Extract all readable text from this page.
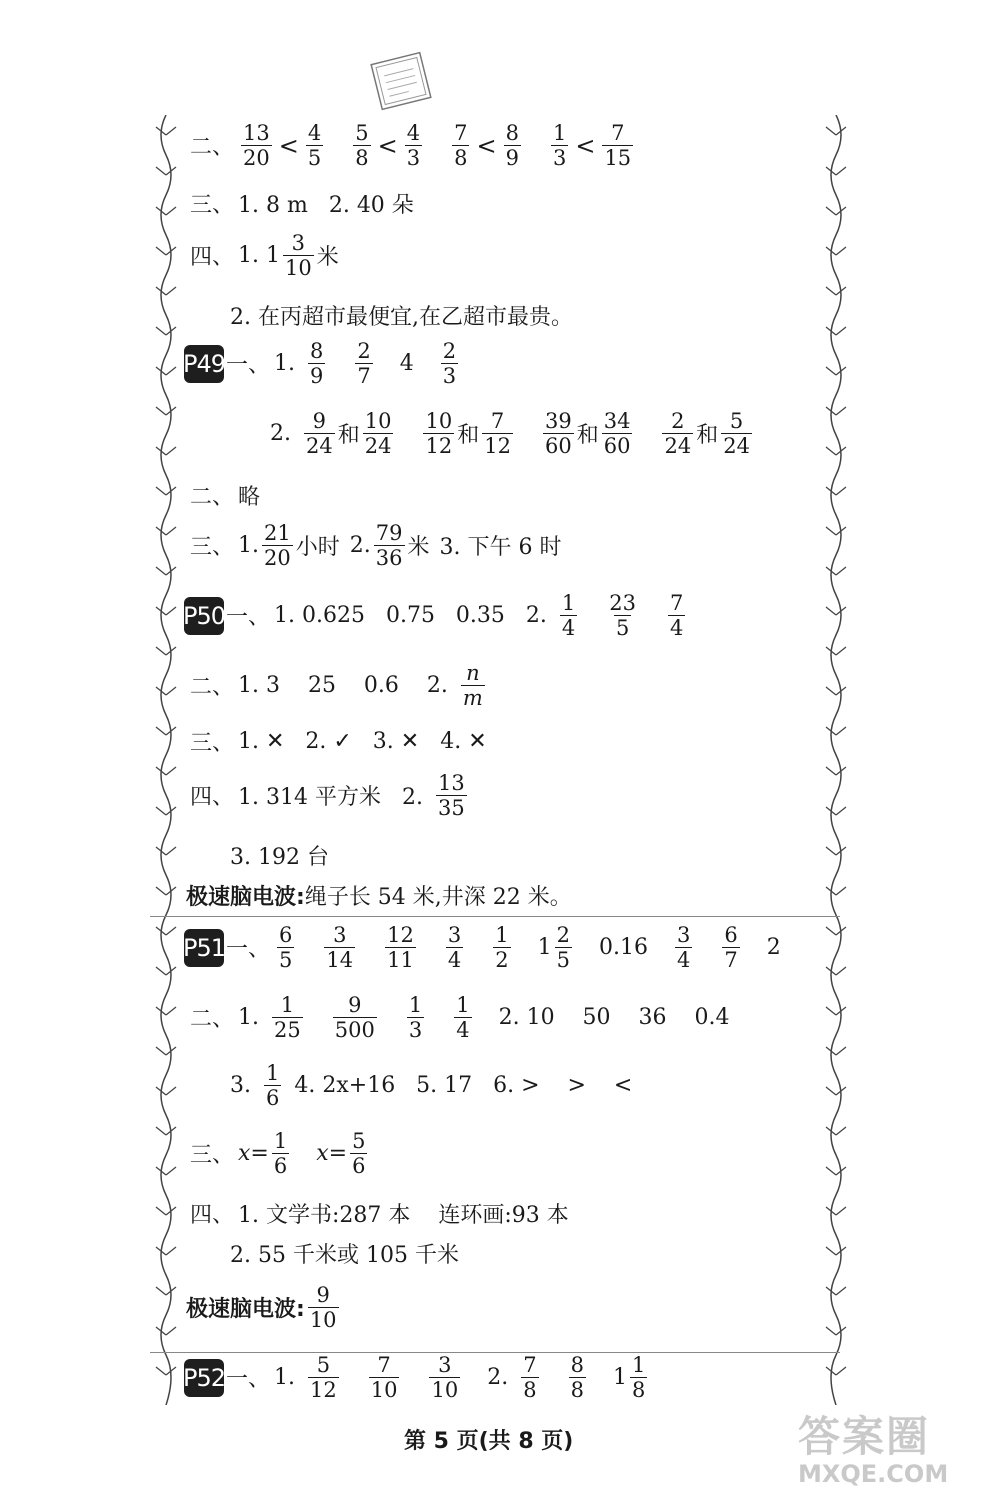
二、 $\frac{13}{20} < \frac{4}{5} \frac{5}{8} < \frac{4}{3} \frac{7}{8} < \frac{8}{9} \frac{1}{3} < \frac{7}{15}$
三、 1. 8 m   2. 40 朵
四、 1. $1 \frac{3}{10}$ 米
2. 在丙超市最便宜,在乙超市最贵。
P49 一、 1. $\frac{8}{9} \frac{2}{7} 4 \frac{2}{3}$
2. $\frac{9}{24}$ 和 $\frac{10}{24} \frac{10}{12}$ 和 $\frac{7}{12} \frac{39}{60}$ 和 $\frac{34}{60} \frac{2}{24}$ 和 $\frac{5}{24}$
二、 略
三、 1. $\frac{21}{20}$ 小时 2. $\frac{79}{36}$ 米 3. 下午 6 时
P50 一、 1. 0.625   0.75   0.35   2. $\frac{1}{4} \frac{23}{5} \frac{7}{4}$
二、 1. 3    25    0.6    2. $\frac{n}{m}$
三、 1. ✕   2. ✓   3. ✕   4. ✕
四、 1. 314 平方米   2. $\frac{13}{35}$
3. 192 台
极速脑电波: 绳子长 54 米,井深 22 米。
P51 一、 $\frac{6}{5} \frac{3}{14} \frac{12}{11} \frac{3}{4} \frac{1}{2} 1 \frac{2}{5} 0.16 \frac{3}{4} \frac{6}{7} 2$
二、 1. $\frac{1}{25} \frac{9}{500} \frac{1}{3} \frac{1}{4} 2$. 10    50    36    0.4
3. $\frac{1}{6} 4$. 2x+16   5. 17   6. >    >    <
三、 $x= \frac{1}{6} x= \frac{5}{6}$
四、 1. 文学书:287 本    连环画:93 本
2. 55 千米或 105 千米
极速脑电波: $\frac{9}{10}$
P52 一、 1. $\frac{5}{12} \frac{7}{10} \frac{3}{10} 2$. $\frac{7}{8} \frac{8}{8} 1 \frac{1}{8}$
第 5 页(共 8 页)	答案圈
MXQE.COM
